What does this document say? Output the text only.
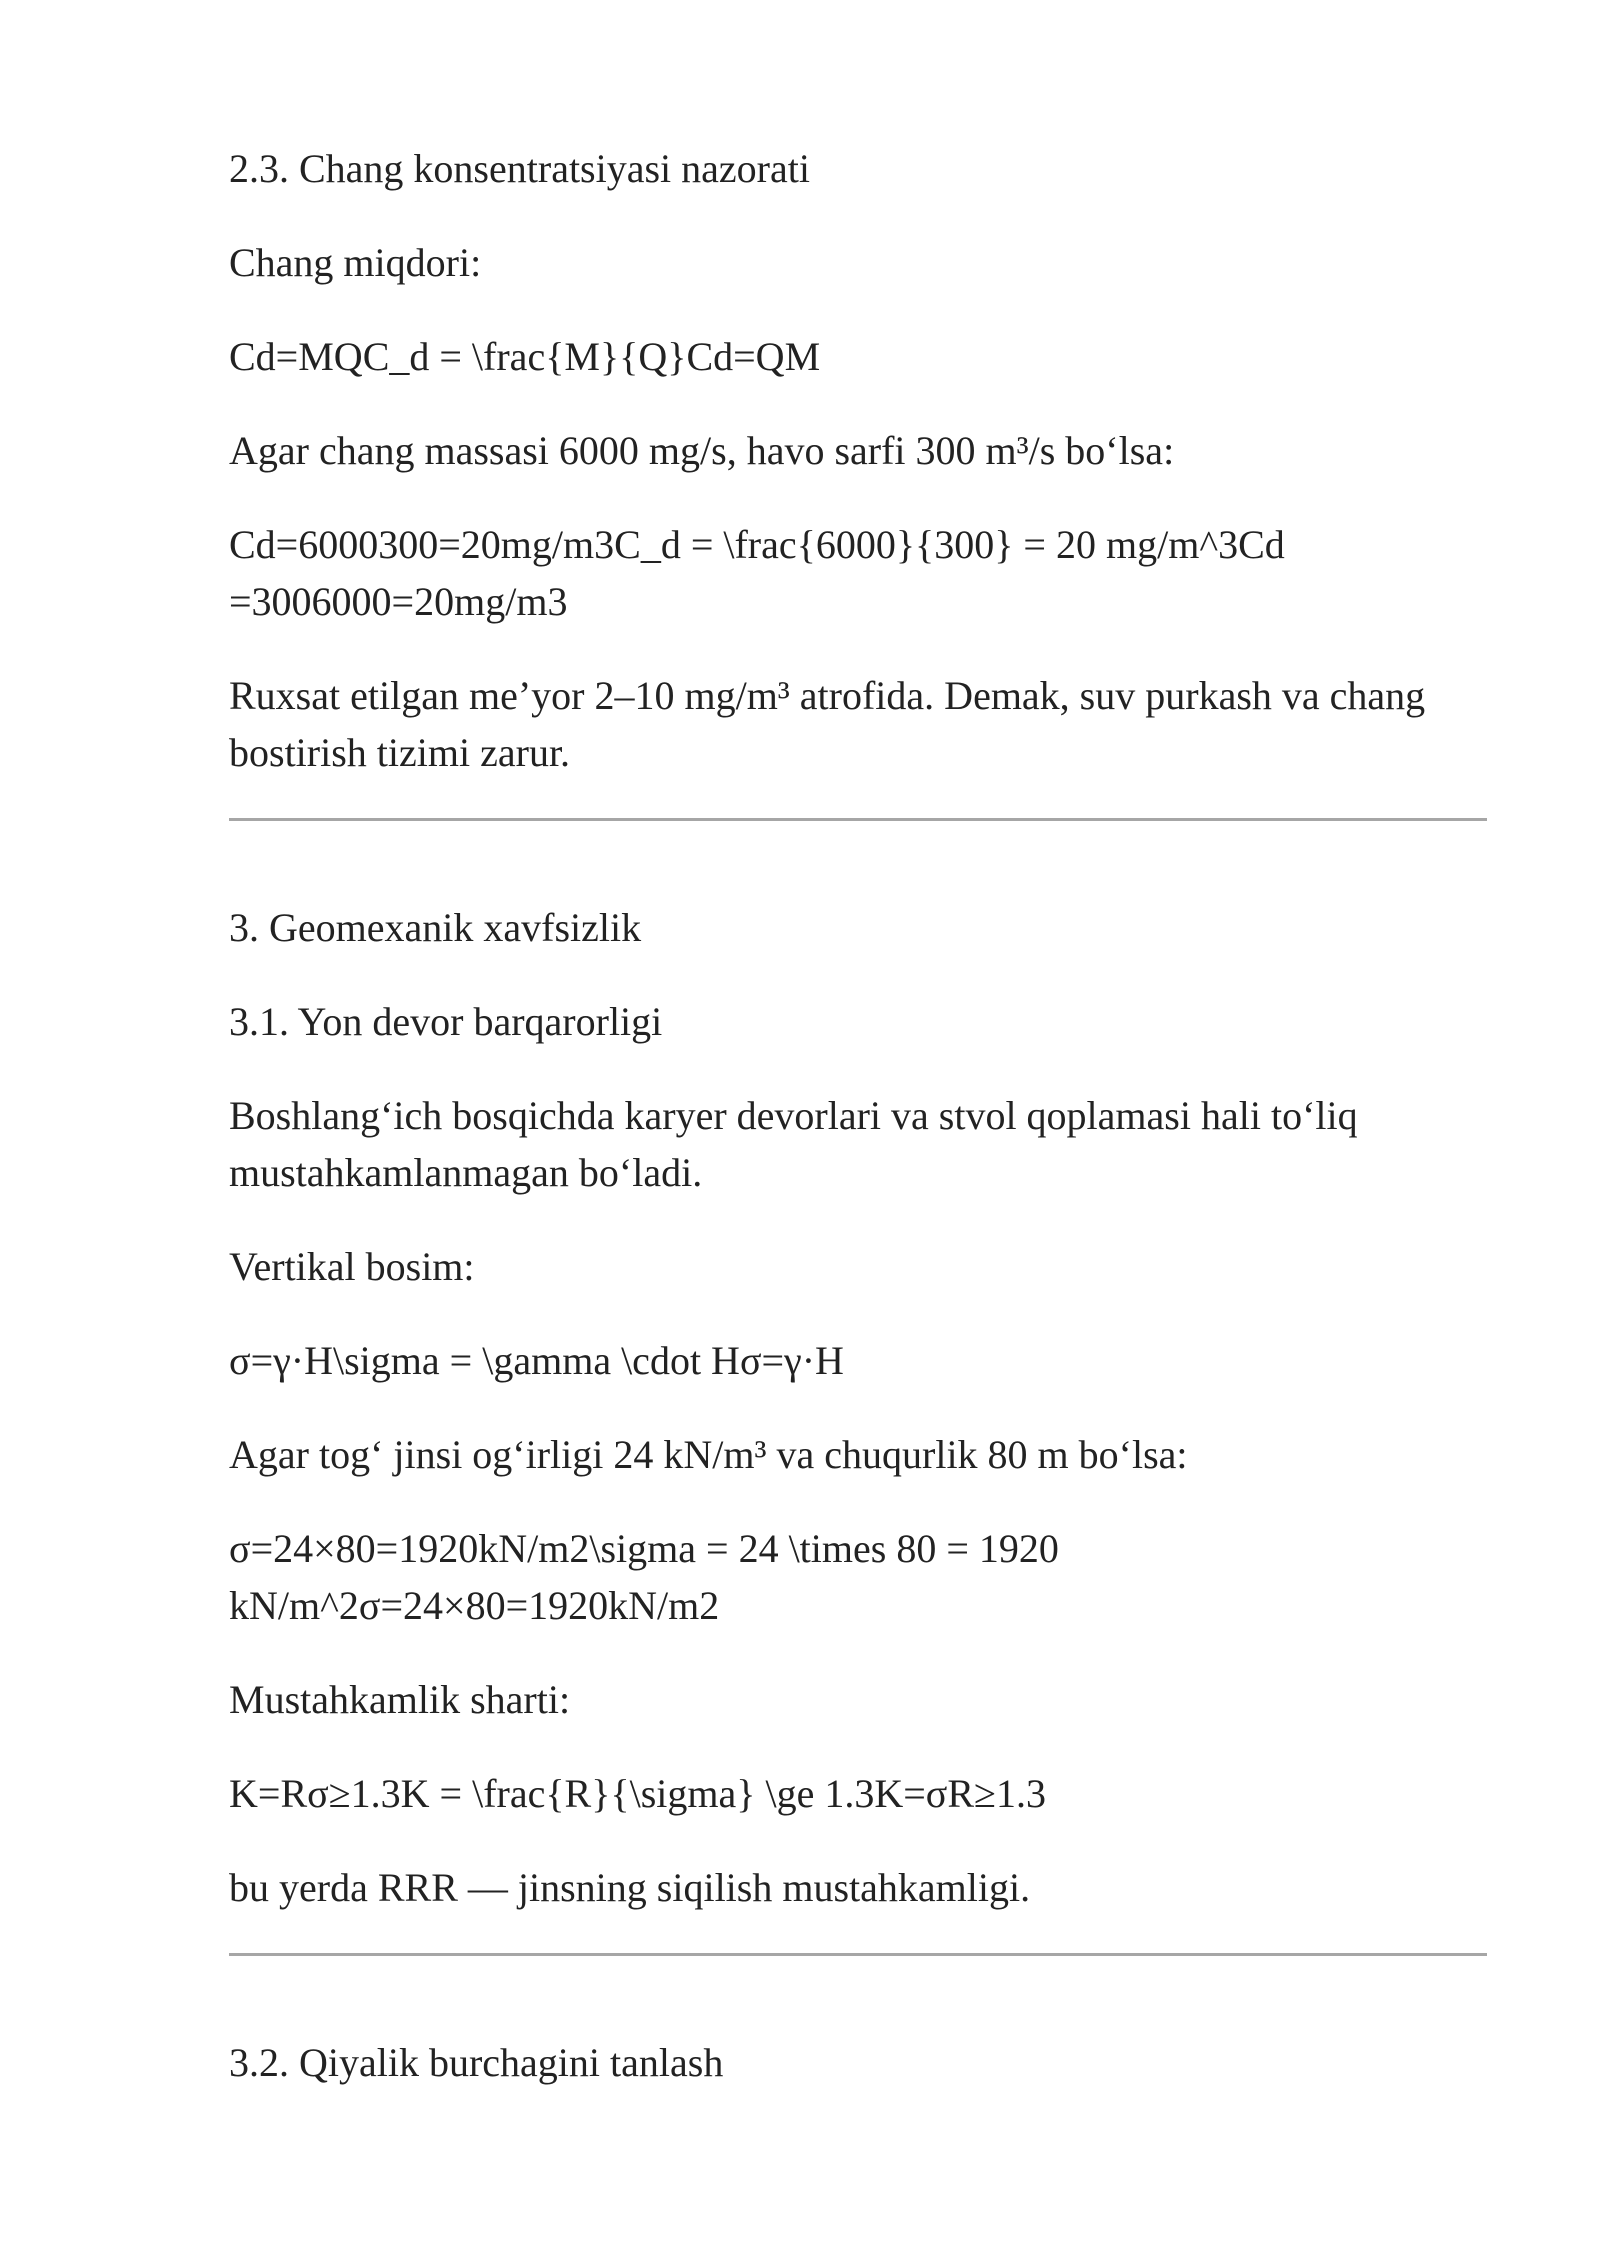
2.3. Chang konsentratsiyasi nazorati

Chang miqdori:

Cd=MQC_d = \frac{M}{Q}Cd=QM

Agar chang massasi 6000 mg/s, havo sarfi 300 m³/s bo‘lsa:

Cd=6000300=20mg/m3C_d = \frac{6000}{300} = 20 mg/m^3Cd =3006000=20mg/m3

Ruxsat etilgan me’yor 2–10 mg/m³ atrofida. Demak, suv purkash va chang bostirish tizimi zarur.

3. Geomexanik xavfsizlik

3.1. Yon devor barqarorligi

Boshlang‘ich bosqichda karyer devorlari va stvol qoplamasi hali to‘liq mustahkamlanmagan bo‘ladi.

Vertikal bosim:

σ=γ·H\sigma = \gamma \cdot Hσ=γ·H

Agar tog‘ jinsi og‘irligi 24 kN/m³ va chuqurlik 80 m bo‘lsa:

σ=24×80=1920kN/m2\sigma = 24 \times 80 = 1920 kN/m^2σ=24×80=1920kN/m2

Mustahkamlik sharti:

K=Rσ≥1.3K = \frac{R}{\sigma} \ge 1.3K=σR≥1.3

bu yerda RRR — jinsning siqilish mustahkamligi.

3.2. Qiyalik burchagini tanlash
